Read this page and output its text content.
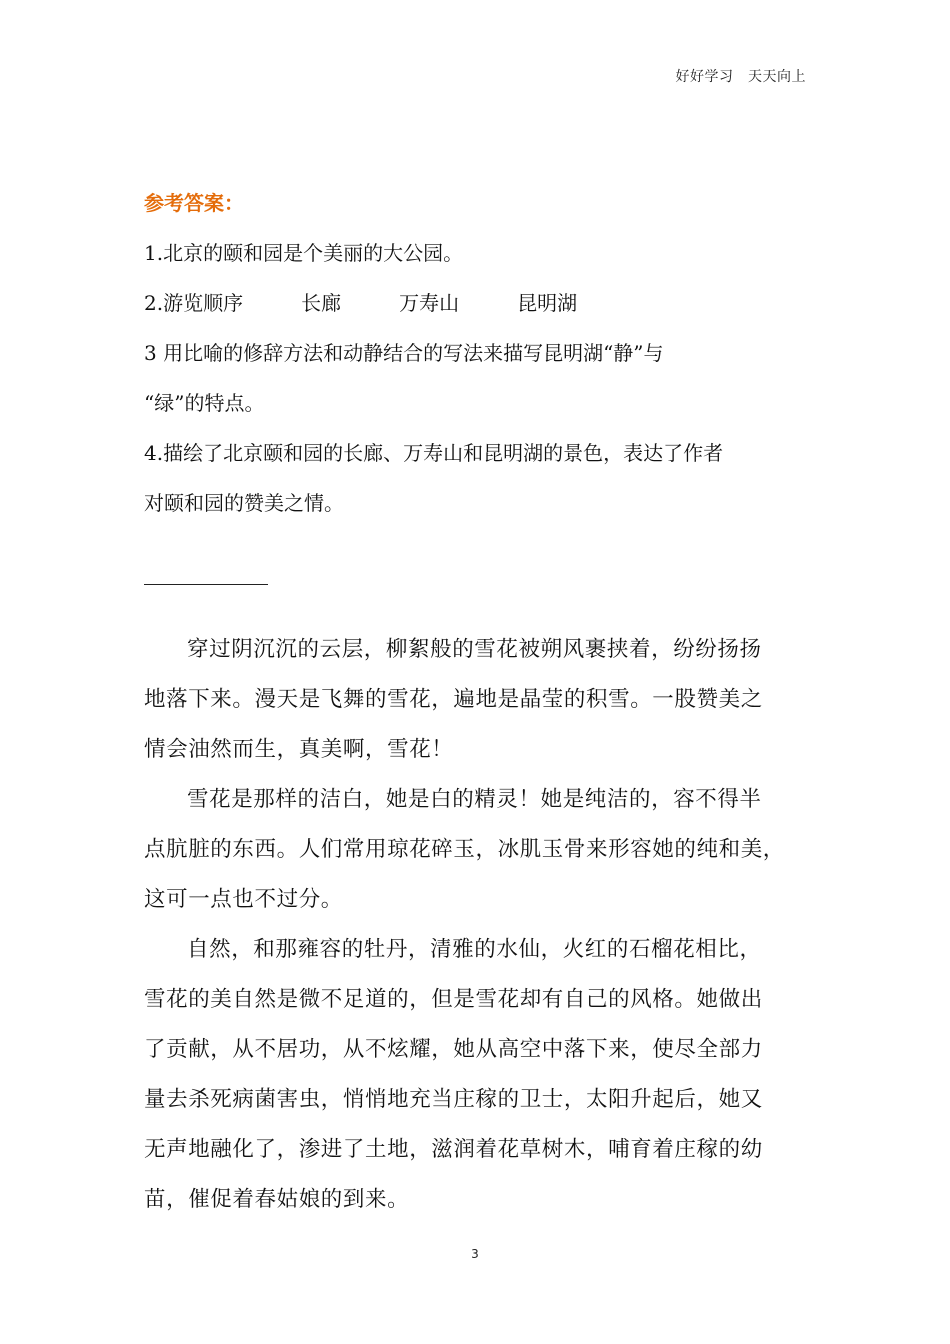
好好学习　天天向上
参考答案：
1.北京的颐和园是个美丽的大公园。
2.游览顺序	长廊	万寿山	昆明湖
3 用比喻的修辞方法和动静结合的写法来描写昆明湖“静”与
“绿”的特点。
4.描绘了北京颐和园的长廊、万寿山和昆明湖的景色，表达了作者
对颐和园的赞美之情。

穿过阴沉沉的云层，柳絮般的雪花被朔风裹挟着，纷纷扬扬
地落下来。漫天是飞舞的雪花，遍地是晶莹的积雪。一股赞美之
情会油然而生，真美啊，雪花！

雪花是那样的洁白，她是白的精灵！她是纯洁的，容不得半
点肮脏的东西。人们常用琼花碎玉，冰肌玉骨来形容她的纯和美，
这可一点也不过分。

自然，和那雍容的牡丹，清雅的水仙，火红的石榴花相比，
雪花的美自然是微不足道的，但是雪花却有自己的风格。她做出
了贡献，从不居功，从不炫耀，她从高空中落下来，使尽全部力
量去杀死病菌害虫，悄悄地充当庄稼的卫士，太阳升起后，她又
无声地融化了，渗进了土地，滋润着花草树木，哺育着庄稼的幼
苗，催促着春姑娘的到来。

3
